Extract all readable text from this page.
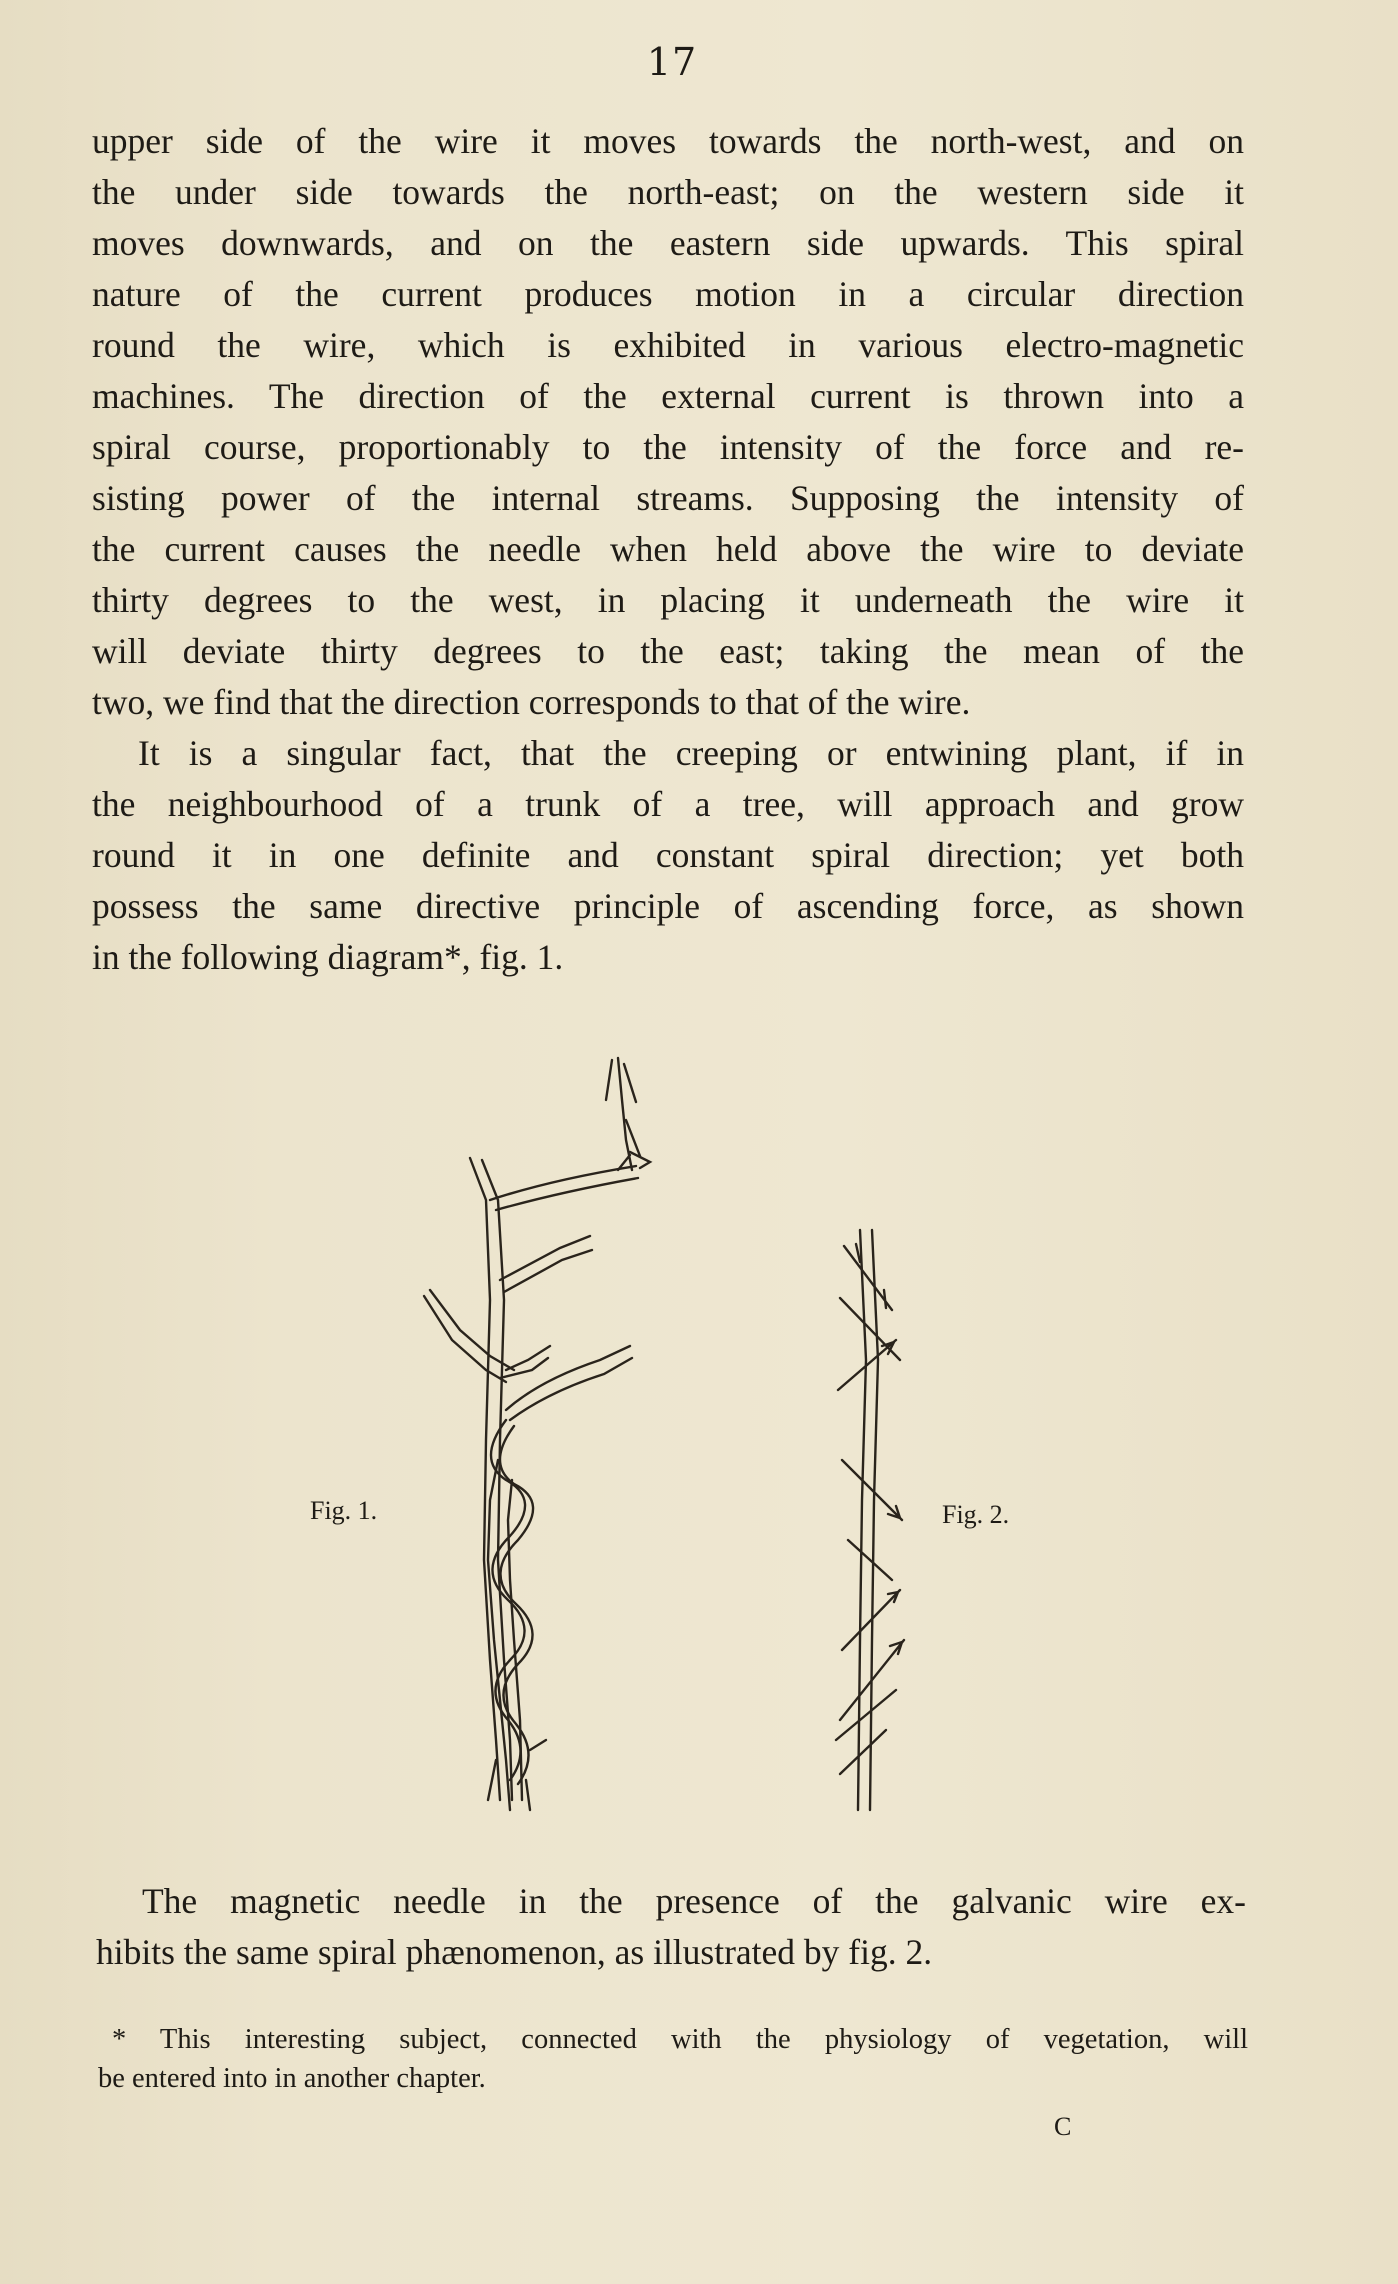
17
upper side of the wire it moves towards the north-west, and on
the under side towards the north-east; on the western side it
moves downwards, and on the eastern side upwards. This spiral
nature of the current produces motion in a circular direction
round the wire, which is exhibited in various electro-magnetic
machines. The direction of the external current is thrown into a
spiral course, proportionably to the intensity of the force and re-
sisting power of the internal streams. Supposing the intensity of
the current causes the needle when held above the wire to deviate
thirty degrees to the west, in placing it underneath the wire it
will deviate thirty degrees to the east; taking the mean of the
two, we find that the direction corresponds to that of the wire.
It is a singular fact, that the creeping or entwining plant, if in
the neighbourhood of a trunk of a tree, will approach and grow
round it in one definite and constant spiral direction; yet both
possess the same directive principle of ascending force, as shown
in the following diagram*, fig. 1.
Fig. 1.	Fig. 2.
The magnetic needle in the presence of the galvanic wire ex-
hibits the same spiral phænomenon, as illustrated by fig. 2.
* This interesting subject, connected with the physiology of vegetation, will
be entered into in another chapter.
C
